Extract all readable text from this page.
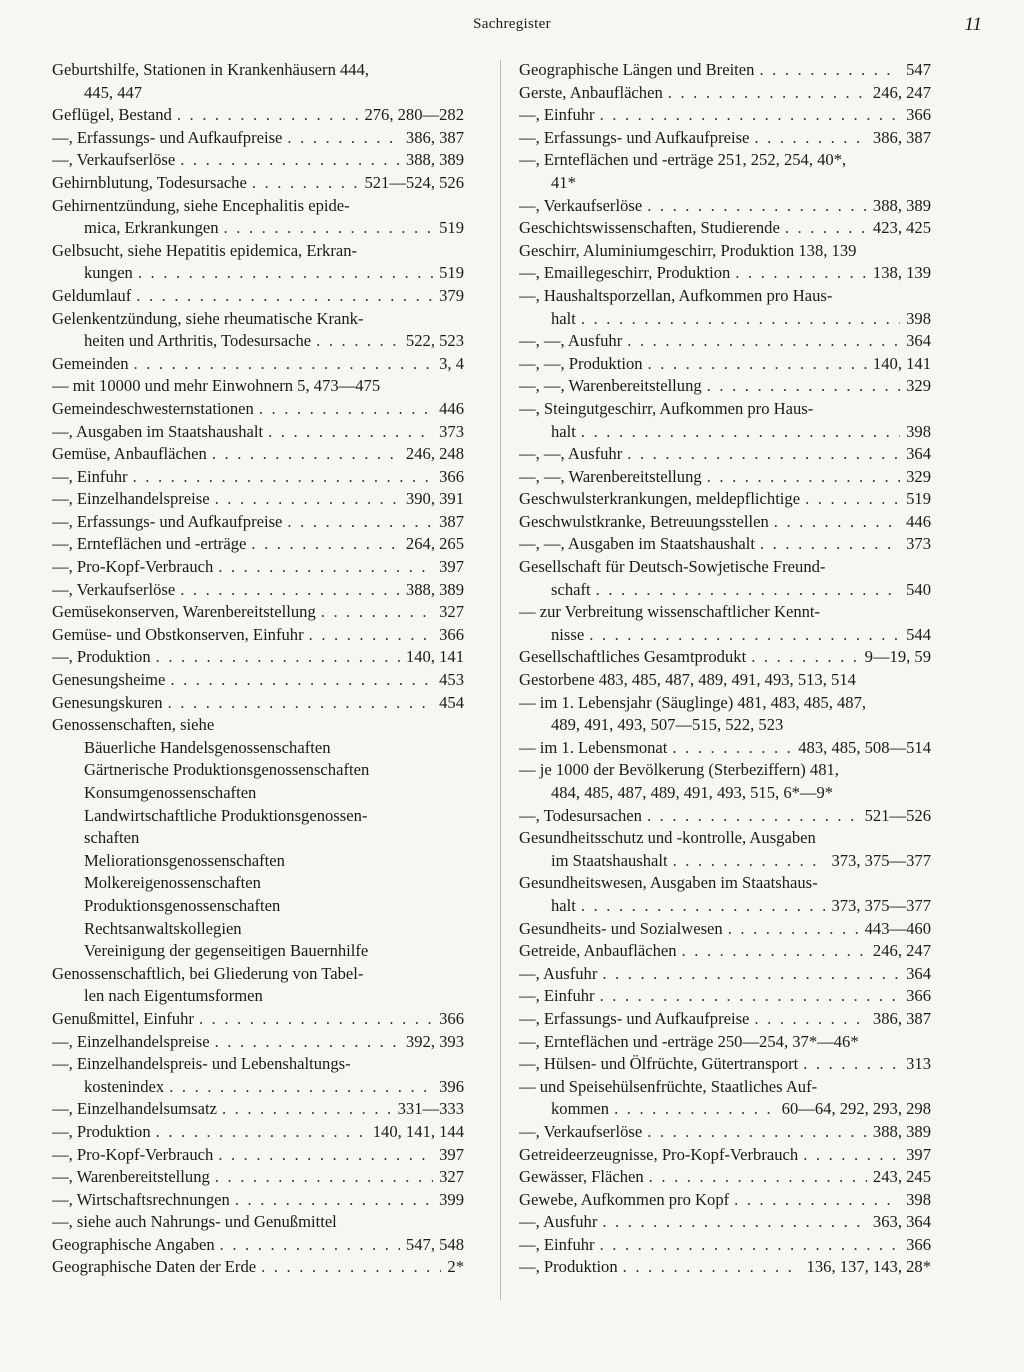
Sachregister	11
Geburtshilfe, Stationen in Krankenhäusern 444,
445, 447
Geflügel, Bestand . . .	276, 280—282
—, Erfassungs- und Aufkaufpreise . . .	386, 387
—, Verkaufserlöse . . .	388, 389
Gehirnblutung, Todesursache . . .	521—524, 526
Gehirnentzündung, siehe Encephalitis epide-
mica, Erkrankungen . . .	519
Gelbsucht, siehe Hepatitis epidemica, Erkran-
kungen . . .	519
Geldumlauf . . .	379
Gelenkentzündung, siehe rheumatische Krank-
heiten und Arthritis, Todesursache . . .	522, 523
Gemeinden . . .	3, 4
— mit 10000 und mehr Einwohnern 5, 473—475
Gemeindeschwesternstationen . . .	446
—, Ausgaben im Staatshaushalt . . .	373
Gemüse, Anbauflächen . . .	246, 248
—, Einfuhr . . .	366
—, Einzelhandelspreise . . .	390, 391
—, Erfassungs- und Aufkaufpreise . . .	387
—, Ernteflächen und -erträge . . .	264, 265
—, Pro-Kopf-Verbrauch . . .	397
—, Verkaufserlöse . . .	388, 389
Gemüsekonserven, Warenbereitstellung . . .	327
Gemüse- und Obstkonserven, Einfuhr . . .	366
—, Produktion . . .	140, 141
Genesungsheime . . .	453
Genesungskuren . . .	454
Genossenschaften, siehe
Bäuerliche Handelsgenossenschaften
Gärtnerische Produktionsgenossenschaften
Konsumgenossenschaften
Landwirtschaftliche Produktionsgenossen-
schaften
Meliorationsgenossenschaften
Molkereigenossenschaften
Produktionsgenossenschaften
Rechtsanwaltskollegien
Vereinigung der gegenseitigen Bauernhilfe
Genossenschaftlich, bei Gliederung von Tabel-
len nach Eigentumsformen
Genußmittel, Einfuhr . . .	366
—, Einzelhandelspreise . . .	392, 393
—, Einzelhandelspreis- und Lebenshaltungs-
kostenindex . . .	396
—, Einzelhandelsumsatz . . .	331—333
—, Produktion . . .	140, 141, 144
—, Pro-Kopf-Verbrauch . . .	397
—, Warenbereitstellung . . .	327
—, Wirtschaftsrechnungen . . .	399
—, siehe auch Nahrungs- und Genußmittel
Geographische Angaben . . .	547, 548
Geographische Daten der Erde . . .	2*
Geographische Längen und Breiten . . .	547
Gerste, Anbauflächen . . .	246, 247
—, Einfuhr . . .	366
—, Erfassungs- und Aufkaufpreise . . .	386, 387
—, Ernteflächen und -erträge 251, 252, 254, 40*,
41*
—, Verkaufserlöse . . .	388, 389
Geschichtswissenschaften, Studierende . . .	423, 425
Geschirr, Aluminiumgeschirr, Produktion 138, 139
—, Emaillegeschirr, Produktion . . .	138, 139
—, Haushaltsporzellan, Aufkommen pro Haus-
halt . . .	398
—, —, Ausfuhr . . .	364
—, —, Produktion . . .	140, 141
—, —, Warenbereitstellung . . .	329
—, Steingutgeschirr, Aufkommen pro Haus-
halt . . .	398
—, —, Ausfuhr . . .	364
—, —, Warenbereitstellung . . .	329
Geschwulsterkrankungen, meldepflichtige . . .	519
Geschwulstkranke, Betreuungsstellen . . .	446
—, —, Ausgaben im Staatshaushalt . . .	373
Gesellschaft für Deutsch-Sowjetische Freund-
schaft . . .	540
— zur Verbreitung wissenschaftlicher Kennt-
nisse . . .	544
Gesellschaftliches Gesamtprodukt . . .	9—19, 59
Gestorbene 483, 485, 487, 489, 491, 493, 513, 514
— im 1. Lebensjahr (Säuglinge) 481, 483, 485, 487,
489, 491, 493, 507—515, 522, 523
— im 1. Lebensmonat . . .	483, 485, 508—514
— je 1000 der Bevölkerung (Sterbeziffern) 481,
484, 485, 487, 489, 491, 493, 515, 6*—9*
—, Todesursachen . . .	521—526
Gesundheitsschutz und -kontrolle, Ausgaben
im Staatshaushalt . . .	373, 375—377
Gesundheitswesen, Ausgaben im Staatshaus-
halt . . .	373, 375—377
Gesundheits- und Sozialwesen . . .	443—460
Getreide, Anbauflächen . . .	246, 247
—, Ausfuhr . . .	364
—, Einfuhr . . .	366
—, Erfassungs- und Aufkaufpreise . . .	386, 387
—, Ernteflächen und -erträge 250—254, 37*—46*
—, Hülsen- und Ölfrüchte, Gütertransport . . .	313
— und Speisehülsenfrüchte, Staatliches Auf-
kommen . . .	60—64, 292, 293, 298
—, Verkaufserlöse . . .	388, 389
Getreideerzeugnisse, Pro-Kopf-Verbrauch . . .	397
Gewässer, Flächen . . .	243, 245
Gewebe, Aufkommen pro Kopf . . .	398
—, Ausfuhr . . .	363, 364
—, Einfuhr . . .	366
—, Produktion . . .	136, 137, 143, 28*
